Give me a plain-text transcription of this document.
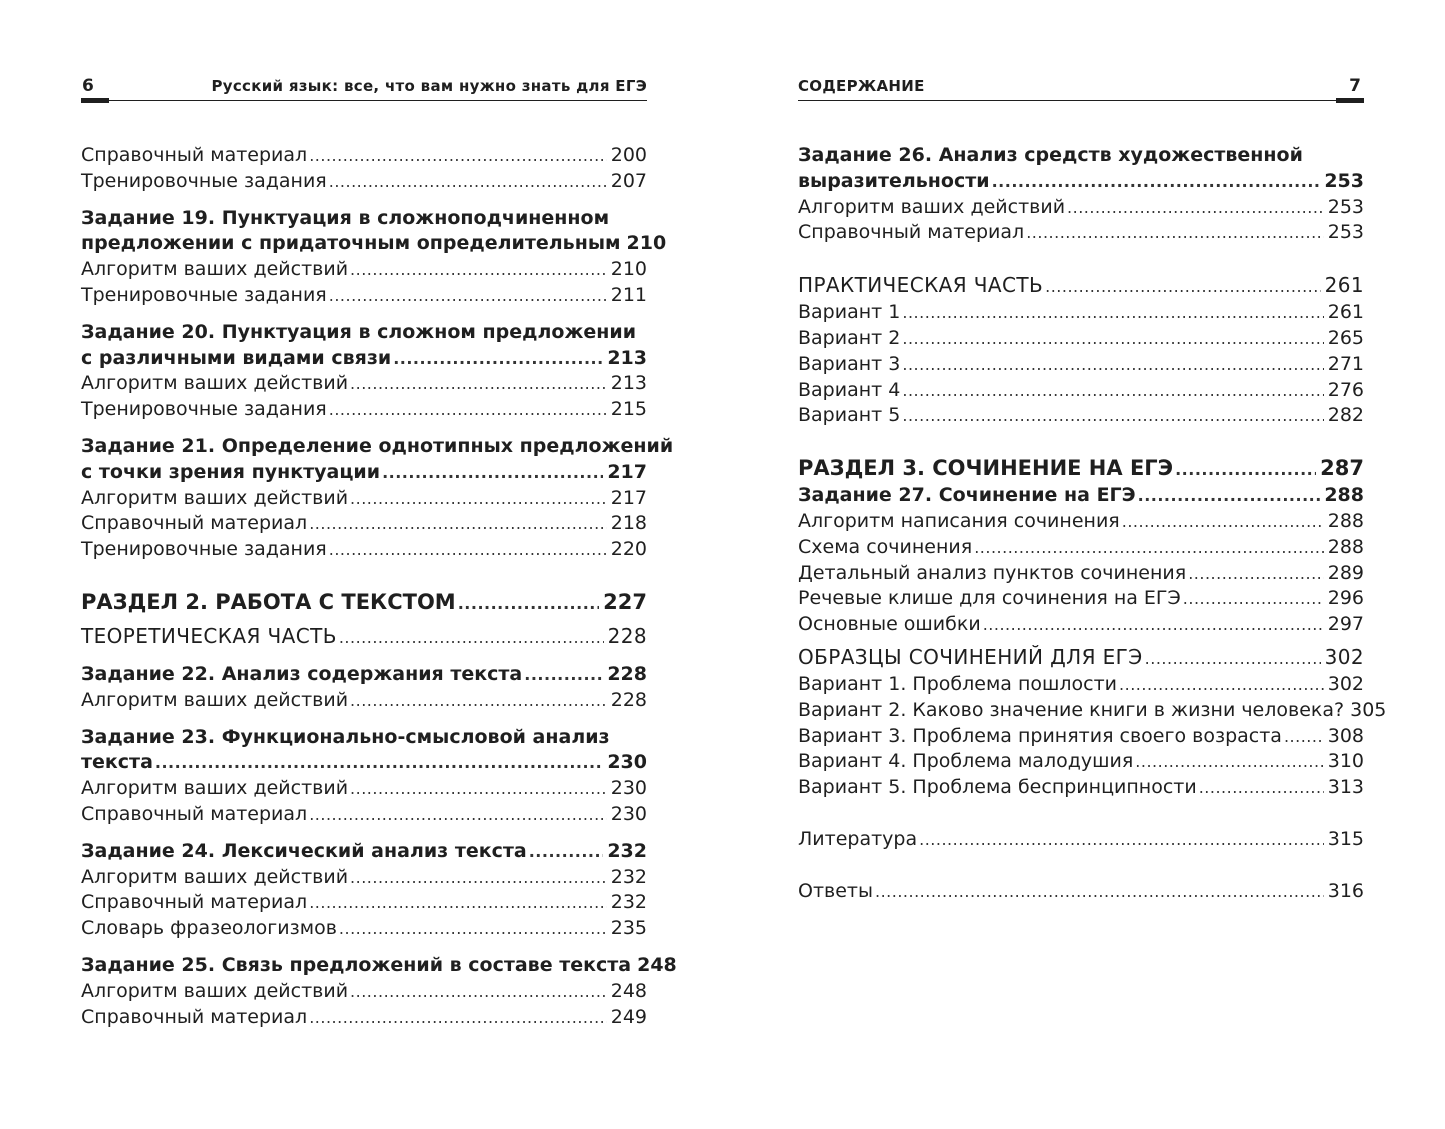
6	Русский язык: все, что вам нужно знать для ЕГЭ
Справочный материал .....	200
Тренировочные задания .....	207
Задание 19. Пунктуация в сложноподчиненном
предложении с придаточным определительным 210
Алгоритм ваших действий .....	210
Тренировочные задания .....	211
Задание 20. Пунктуация в сложном предложении
с различными видами связи .....	213
Алгоритм ваших действий .....	213
Тренировочные задания .....	215
Задание 21. Определение однотипных предложений
с точки зрения пунктуации .....	217
Алгоритм ваших действий .....	217
Справочный материал .....	218
Тренировочные задания .....	220
РАЗДЕЛ 2. РАБОТА С ТЕКСТОМ .....	227
ТЕОРЕТИЧЕСКАЯ ЧАСТЬ .....	228
Задание 22. Анализ содержания текста .....	228
Алгоритм ваших действий .....	228
Задание 23. Функционально-смысловой анализ
текста .....	230
Алгоритм ваших действий .....	230
Справочный материал .....	230
Задание 24. Лексический анализ текста .....	232
Алгоритм ваших действий .....	232
Справочный материал .....	232
Словарь фразеологизмов .....	235
Задание 25. Связь предложений в составе текста 248
Алгоритм ваших действий .....	248
Справочный материал .....	249
СОДЕРЖАНИЕ	7
Задание 26. Анализ средств художественной
выразительности .....	253
Алгоритм ваших действий .....	253
Справочный материал .....	253
ПРАКТИЧЕСКАЯ ЧАСТЬ .....	261
Вариант 1 .....	261
Вариант 2 .....	265
Вариант 3 .....	271
Вариант 4 .....	276
Вариант 5 .....	282
РАЗДЕЛ 3. СОЧИНЕНИЕ НА ЕГЭ .....	287
Задание 27. Сочинение на ЕГЭ .....	288
Алгоритм написания сочинения .....	288
Схема сочинения .....	288
Детальный анализ пунктов сочинения .....	289
Речевые клише для сочинения на ЕГЭ .....	296
Основные ошибки .....	297
ОБРАЗЦЫ СОЧИНЕНИЙ ДЛЯ ЕГЭ .....	302
Вариант 1. Проблема пошлости .....	302
Вариант 2. Каково значение книги в жизни человека? 305
Вариант 3. Проблема принятия своего возраста ..... 308
Вариант 4. Проблема малодушия .....	310
Вариант 5. Проблема беспринципности .....	313
Литература .....	315
Ответы .....	316
